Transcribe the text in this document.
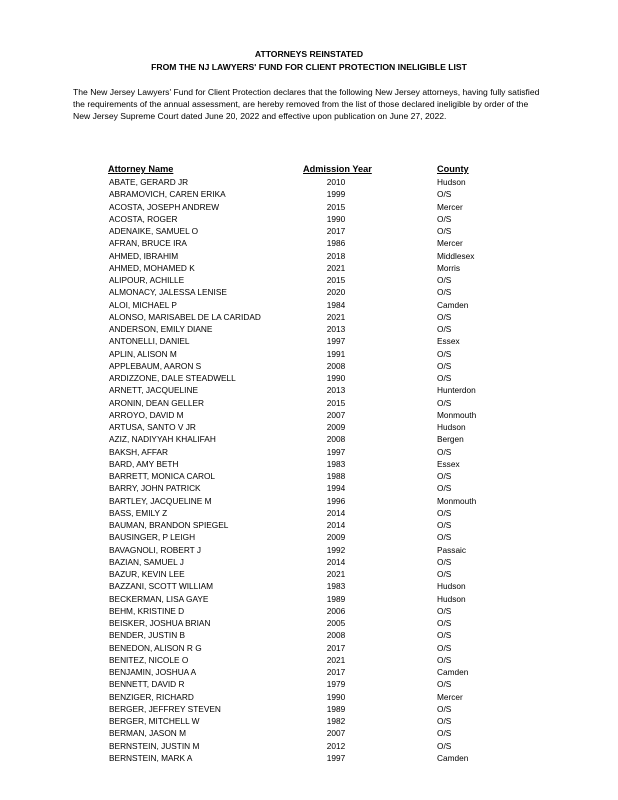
ATTORNEYS REINSTATED
FROM THE NJ LAWYERS' FUND FOR CLIENT PROTECTION INELIGIBLE LIST
The New Jersey Lawyers' Fund for Client Protection declares that the following New Jersey attorneys, having fully satisfied the requirements of the annual assessment, are hereby removed from the list of those declared ineligible by order of the New Jersey Supreme Court dated June 20, 2022 and effective upon publication on June 27, 2022.
Attorney Name	Admission Year	County
ABATE, GERARD JR	2010	Hudson
ABRAMOVICH, CAREN ERIKA	1999	O/S
ACOSTA, JOSEPH ANDREW	2015	Mercer
ACOSTA, ROGER	1990	O/S
ADENAIKE, SAMUEL O	2017	O/S
AFRAN, BRUCE IRA	1986	Mercer
AHMED, IBRAHIM	2018	Middlesex
AHMED, MOHAMED K	2021	Morris
ALIPOUR, ACHILLE	2015	O/S
ALMONACY, JALESSA LENISE	2020	O/S
ALOI, MICHAEL P	1984	Camden
ALONSO, MARISABEL DE LA CARIDAD	2021	O/S
ANDERSON, EMILY DIANE	2013	O/S
ANTONELLI, DANIEL	1997	Essex
APLIN, ALISON M	1991	O/S
APPLEBAUM, AARON S	2008	O/S
ARDIZZONE, DALE STEADWELL	1990	O/S
ARNETT, JACQUELINE	2013	Hunterdon
ARONIN, DEAN GELLER	2015	O/S
ARROYO, DAVID M	2007	Monmouth
ARTUSA, SANTO V JR	2009	Hudson
AZIZ, NADIYYAH KHALIFAH	2008	Bergen
BAKSH, AFFAR	1997	O/S
BARD, AMY BETH	1983	Essex
BARRETT, MONICA CAROL	1988	O/S
BARRY, JOHN PATRICK	1994	O/S
BARTLEY, JACQUELINE M	1996	Monmouth
BASS, EMILY Z	2014	O/S
BAUMAN, BRANDON SPIEGEL	2014	O/S
BAUSINGER, P LEIGH	2009	O/S
BAVAGNOLI, ROBERT J	1992	Passaic
BAZIAN, SAMUEL J	2014	O/S
BAZUR, KEVIN LEE	2021	O/S
BAZZANI, SCOTT WILLIAM	1983	Hudson
BECKERMAN, LISA GAYE	1989	Hudson
BEHM, KRISTINE D	2006	O/S
BEISKER, JOSHUA BRIAN	2005	O/S
BENDER, JUSTIN B	2008	O/S
BENEDON, ALISON R G	2017	O/S
BENITEZ, NICOLE O	2021	O/S
BENJAMIN, JOSHUA A	2017	Camden
BENNETT, DAVID R	1979	O/S
BENZIGER, RICHARD	1990	Mercer
BERGER, JEFFREY STEVEN	1989	O/S
BERGER, MITCHELL W	1982	O/S
BERMAN, JASON M	2007	O/S
BERNSTEIN, JUSTIN M	2012	O/S
BERNSTEIN, MARK A	1997	Camden
